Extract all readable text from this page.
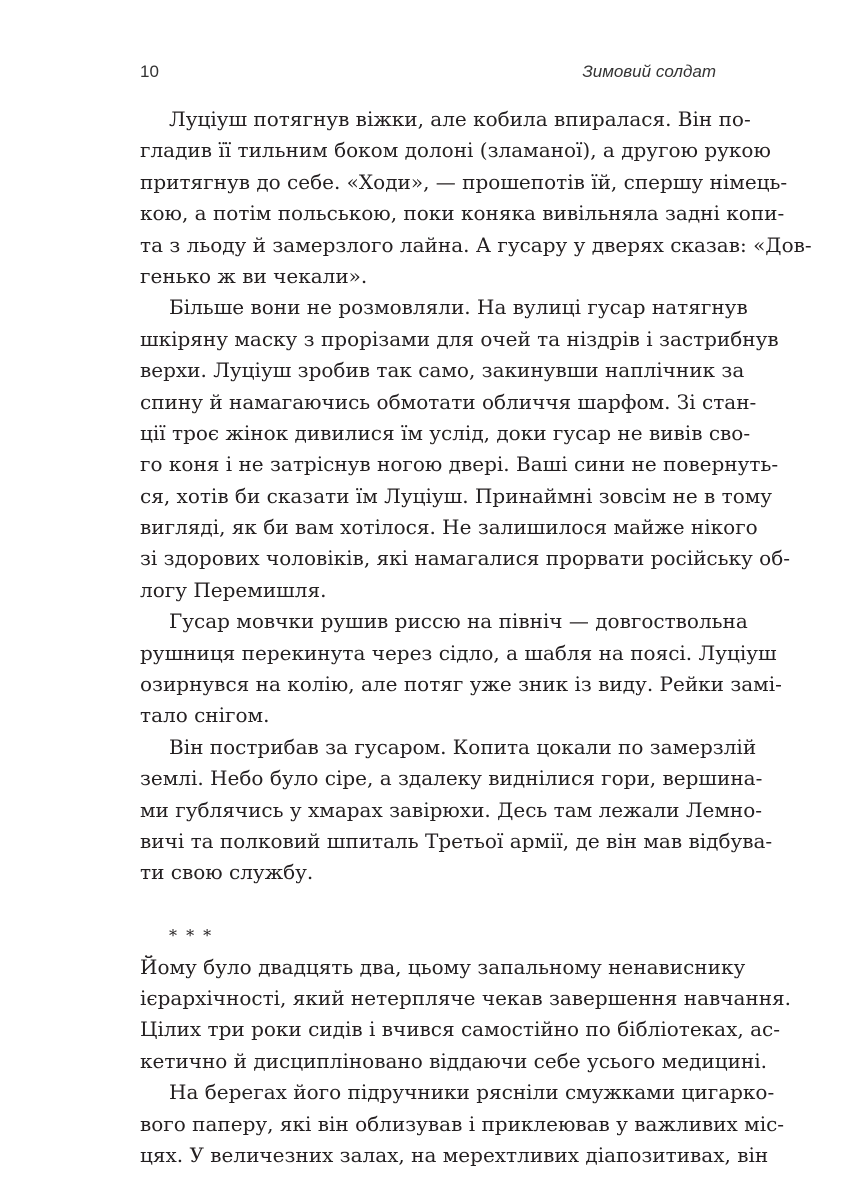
10	Зимовий солдат
Луціуш потягнув віжки, але кобила впиралася. Він по-
гладив її тильним боком долоні (зламаної), а другою рукою
притягнув до себе. «Ходи», — прошепотів їй, спершу німець-
кою, а потім польською, поки коняка вивільняла задні копи-
та з льоду й замерзлого лайна. А гусару у дверях сказав: «Дов-
генько ж ви чекали».
Більше вони не розмовляли. На вулиці гусар натягнув
шкіряну маску з прорізами для очей та ніздрів і застрибнув
верхи. Луціуш зробив так само, закинувши наплічник за
спину й намагаючись обмотати обличчя шарфом. Зі стан-
ції троє жінок дивилися їм услід, доки гусар не вивів сво-
го коня і не затріснув ногою двері. Ваші сини не повернуть-
ся, хотів би сказати їм Луціуш. Принаймні зовсім не в тому
вигляді, як би вам хотілося. Не залишилося майже нікого
зі здорових чоловіків, які намагалися прорвати російську об-
логу Перемишля.
Гусар мовчки рушив риссю на північ — довгоствольна
рушниця перекинута через сідло, а шабля на поясі. Луціуш
озирнувся на колію, але потяг уже зник із виду. Рейки замі-
тало снігом.
Він пострибав за гусаром. Копита цокали по замерзлій
землі. Небо було сіре, а здалеку виднілися гори, вершина-
ми гублячись у хмарах завірюхи. Десь там лежали Лемно-
вичі та полковий шпиталь Третьої армії, де він мав відбува-
ти свою службу.
* * *
Йому було двадцять два, цьому запальному ненависнику
ієрархічності, який нетерпляче чекав завершення навчання.
Цілих три роки сидів і вчився самостійно по бібліотеках, ас-
кетично й дисципліновано віддаючи себе усього медицині.
На берегах його підручники рясніли смужками цигарко-
вого паперу, які він облизував і приклеював у важливих міс-
цях. У величезних залах, на мерехтливих діапозитивах, він
